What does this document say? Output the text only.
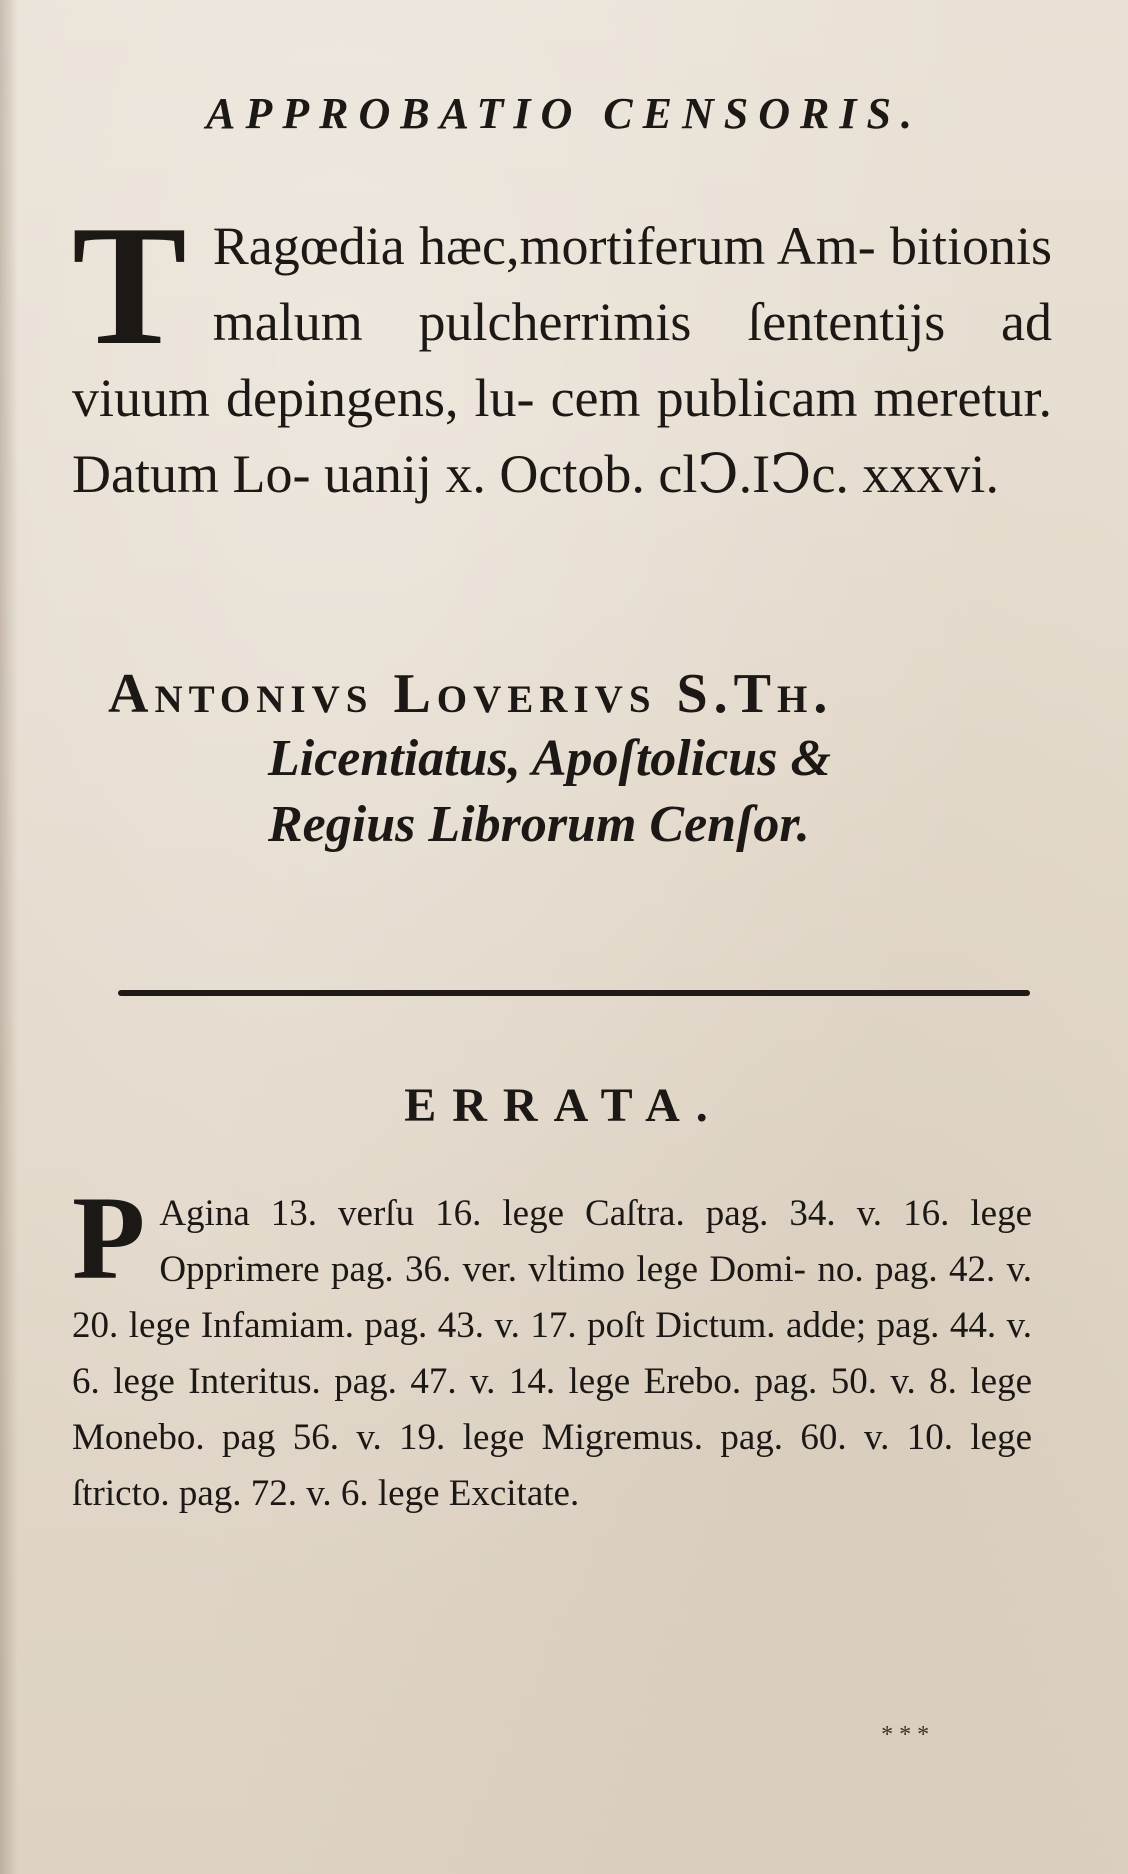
APPROBATIO CENSORIS.
T Ragœdia hæc,mortiferum Am- bitionis malum pulcherrimis ſententijs ad viuum depingens, lu- cem publicam meretur. Datum Lo- uanij x. Octob. clↃ.IↃc. xxxvi.

Antonivs Loverivs S.Th.
Licentiatus, Apoſtolicus &
Regius Librorum Cenſor.
ERRATA.
P Agina 13. verſu 16. lege Caſtra. pag. 34. v. 16. lege Opprimere pag. 36. ver. vltimo lege Domi- no. pag. 42. v. 20. lege Infamiam. pag. 43. v. 17. poſt Dictum. adde; pag. 44. v. 6. lege Interitus. pag. 47. v. 14. lege Erebo. pag. 50. v. 8. lege Monebo. pag 56. v. 19. lege Migremus. pag. 60. v. 10. lege ſtricto. pag. 72. v. 6. lege Excitate.

* * *
